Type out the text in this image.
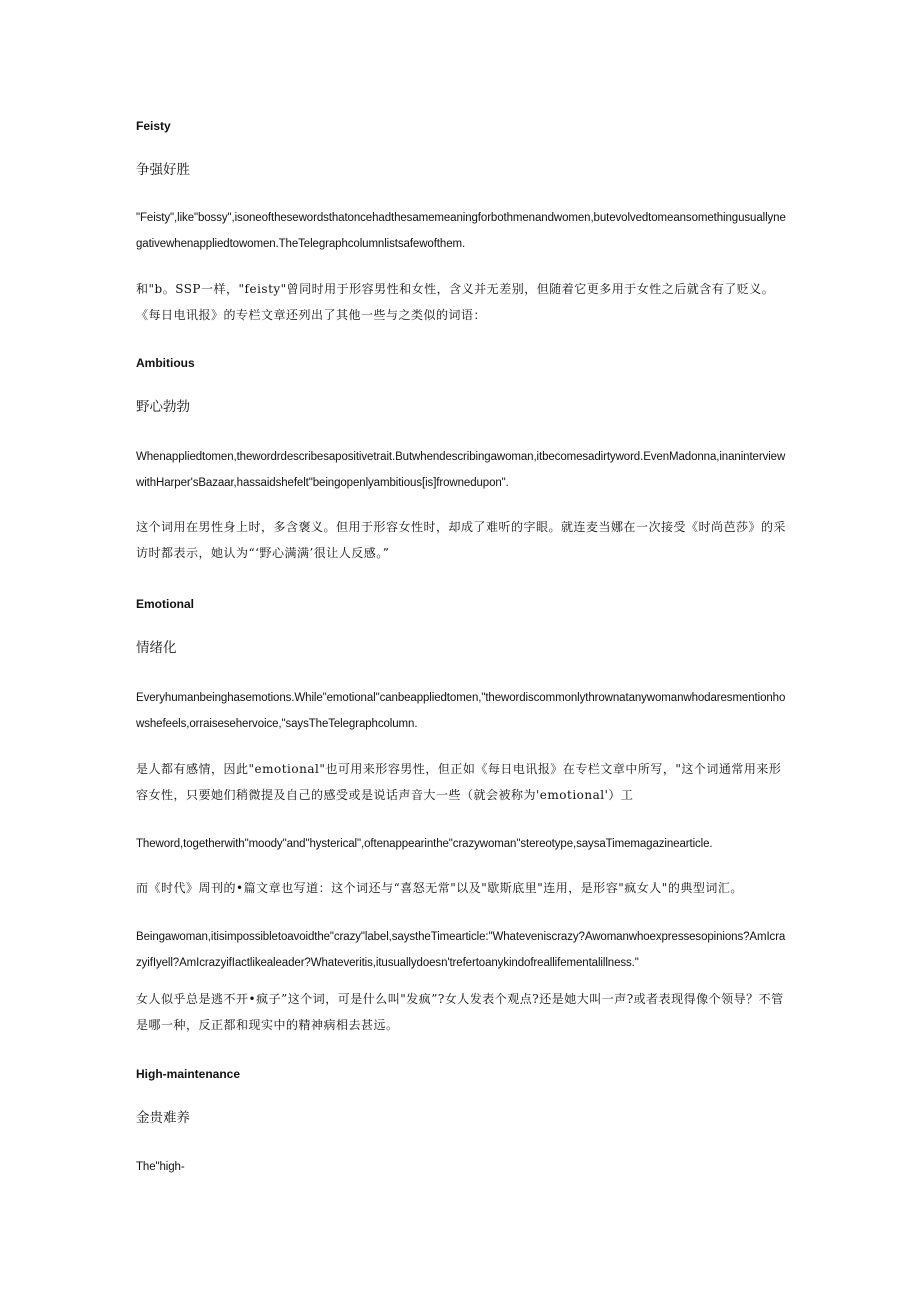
Feisty
争强好胜

"Feisty",like"bossy",isoneofthesewordsthatoncehadthesamemeaningforbothmenandwomen,butevolvedtomeansomethingusuallynegativewhenappliedtowomen.TheTelegraphcolumnlistsafewofthem.

和"b。SSP一样，"feisty"曾同时用于形容男性和女性，含义并无差别，但随着它更多用于女性之后就含有了贬义。《每日电讯报》的专栏文章还列出了其他一些与之类似的词语：

Ambitious
野心勃勃

Whenappliedtomen,thewordrdescribesapositivetrait.Butwhendescribingawoman,itbecomesadirtyword.EvenMadonna,inaninterviewwithHarper'sBazaar,hassaidshefelt"beingopenlyambitious[is]frownedupon".

这个词用在男性身上时，多含褒义。但用于形容女性时，却成了难听的字眼。就连麦当娜在一次接受《时尚芭莎》的采访时都表示，她认为“‘野心满满’很让人反感。”

Emotional
情绪化

Everyhumanbeinghasemotions.While"emotional"canbeappliedtomen,"thewordiscommonlythrownatanywomanwhodaresmentionhowshefeels,orraisesehervoice,"saysTheTelegraphcolumn.

是人都有感情，因此"emotional"也可用来形容男性，但正如《每日电讯报》在专栏文章中所写，"这个词通常用来形容女性，只要她们稍微提及自己的感受或是说话声音大一些（就会被称为'emotional'）工

Theword,togetherwith"moody"and"hysterical",oftenappearinthe"crazywoman"stereotype,saysaTimemagazinearticle.

而《时代》周刊的•篇文章也写道：这个词还与“喜怒无常"以及"歇斯底里"连用，是形容"疯女人"的典型词汇。

Beingawoman,itisimpossibletoavoidthe"crazy"label,saystheTimearticle:"Whateveniscrazy?Awomanwhoexpressesopinions?AmIcrazyifIyell?AmIcrazyifIactlikealeader?Whateveritis,itusuallydoesn'trefertoanykindofreallifementalillness."

女人似乎总是逃不开•疯子”这个词，可是什么叫"发疯”?女人发表个观点?还是她大叫一声?或者表现得像个领导？不管是哪一种，反正都和现实中的精神病相去甚远。

High-maintenance
金贵难养

The"high-
